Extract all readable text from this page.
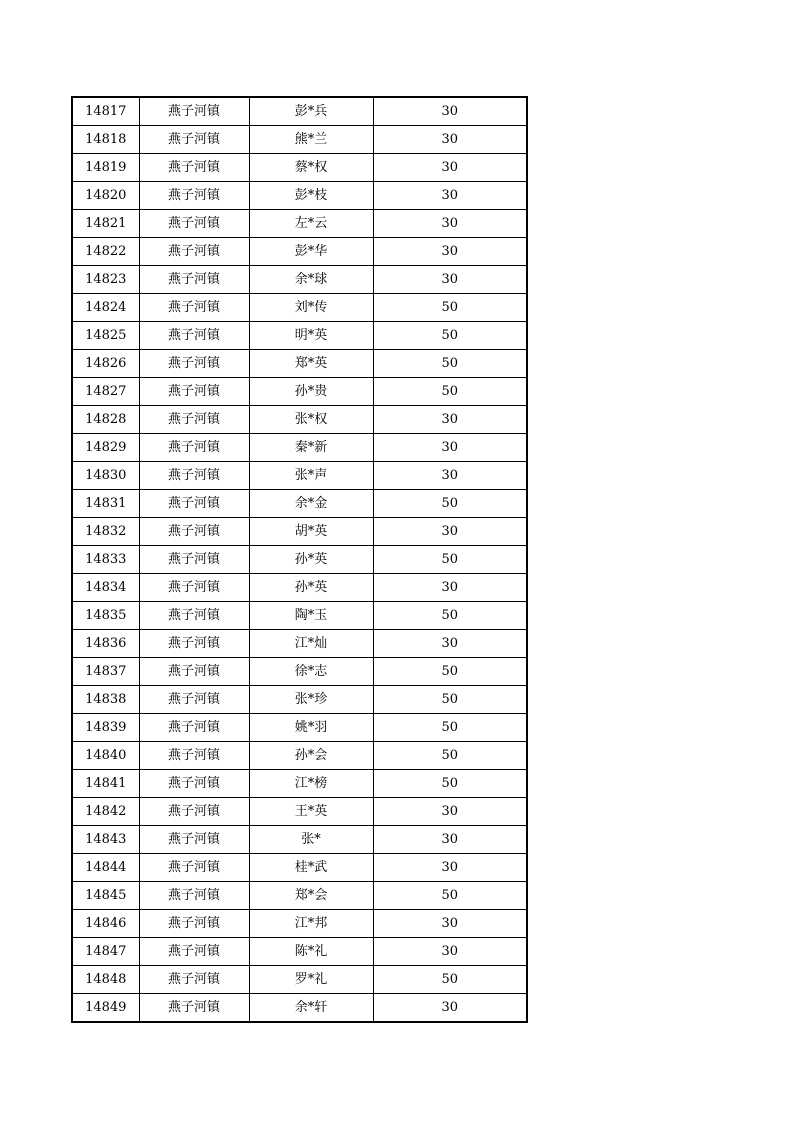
14817	燕子河镇	彭*兵	30
14818	燕子河镇	熊*兰	30
14819	燕子河镇	蔡*权	30
14820	燕子河镇	彭*枝	30
14821	燕子河镇	左*云	30
14822	燕子河镇	彭*华	30
14823	燕子河镇	余*球	30
14824	燕子河镇	刘*传	50
14825	燕子河镇	明*英	50
14826	燕子河镇	郑*英	50
14827	燕子河镇	孙*贵	50
14828	燕子河镇	张*权	30
14829	燕子河镇	秦*新	30
14830	燕子河镇	张*声	30
14831	燕子河镇	余*金	50
14832	燕子河镇	胡*英	30
14833	燕子河镇	孙*英	50
14834	燕子河镇	孙*英	30
14835	燕子河镇	陶*玉	50
14836	燕子河镇	江*灿	30
14837	燕子河镇	徐*志	50
14838	燕子河镇	张*珍	50
14839	燕子河镇	姚*羽	50
14840	燕子河镇	孙*会	50
14841	燕子河镇	江*榜	50
14842	燕子河镇	王*英	30
14843	燕子河镇	张*	30
14844	燕子河镇	桂*武	30
14845	燕子河镇	郑*会	50
14846	燕子河镇	江*邦	30
14847	燕子河镇	陈*礼	30
14848	燕子河镇	罗*礼	50
14849	燕子河镇	余*轩	30
